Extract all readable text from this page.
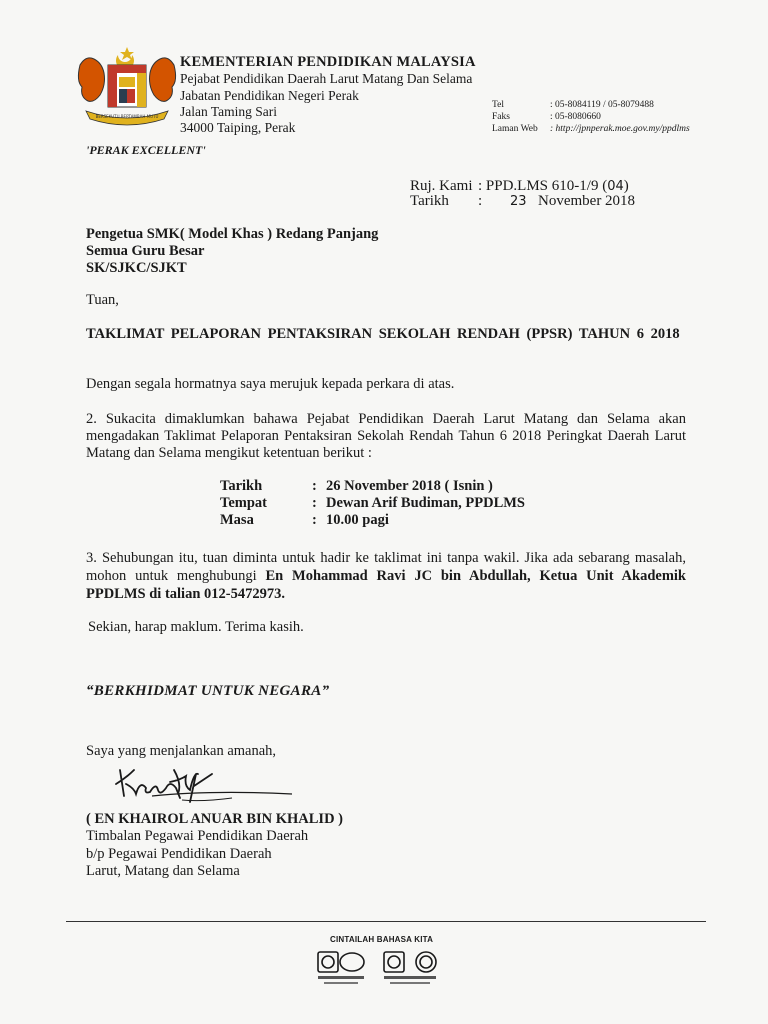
BERSEKUTU BERTAMBAH MUTU
KEMENTERIAN PENDIDIKAN MALAYSIA
Pejabat Pendidikan Daerah Larut Matang Dan Selama
Jabatan Pendidikan Negeri Perak
Jalan Taming Sari
34000 Taiping, Perak
Tel	: 05-8084119 / 05-8079488
Faks	: 05-8080660
Laman Web : http://jpnperak.moe.gov.my/ppdlms
'PERAK EXCELLENT'
Ruj. Kami : PPD.LMS 610-1/9 (04)
Tarikh : 23 November 2018
Pengetua SMK( Model Khas ) Redang Panjang
Semua Guru Besar
SK/SJKC/SJKT
Tuan,
TAKLIMAT PELAPORAN PENTAKSIRAN SEKOLAH RENDAH (PPSR) TAHUN 6 2018
Dengan segala hormatnya saya merujuk kepada perkara di atas.
2. Sukacita dimaklumkan bahawa Pejabat Pendidikan Daerah Larut Matang dan Selama akan mengadakan Taklimat Pelaporan Pentaksiran Sekolah Rendah Tahun 6 2018 Peringkat Daerah Larut Matang dan Selama mengikut ketentuan berikut :
Tarikh	: 26 November 2018 ( Isnin )
Tempat	: Dewan Arif Budiman, PPDLMS
Masa	: 10.00 pagi
3. Sehubungan itu, tuan diminta untuk hadir ke taklimat ini tanpa wakil. Jika ada sebarang masalah, mohon untuk menghubungi En Mohammad Ravi JC bin Abdullah, Ketua Unit Akademik PPDLMS di talian 012-5472973.
Sekian, harap maklum. Terima kasih.
“BERKHIDMAT UNTUK NEGARA”
Saya yang menjalankan amanah,
( EN KHAIROL ANUAR BIN KHALID )
Timbalan Pegawai Pendidikan Daerah
b/p Pegawai Pendidikan Daerah
Larut, Matang dan Selama
CINTAILAH BAHASA KITA
